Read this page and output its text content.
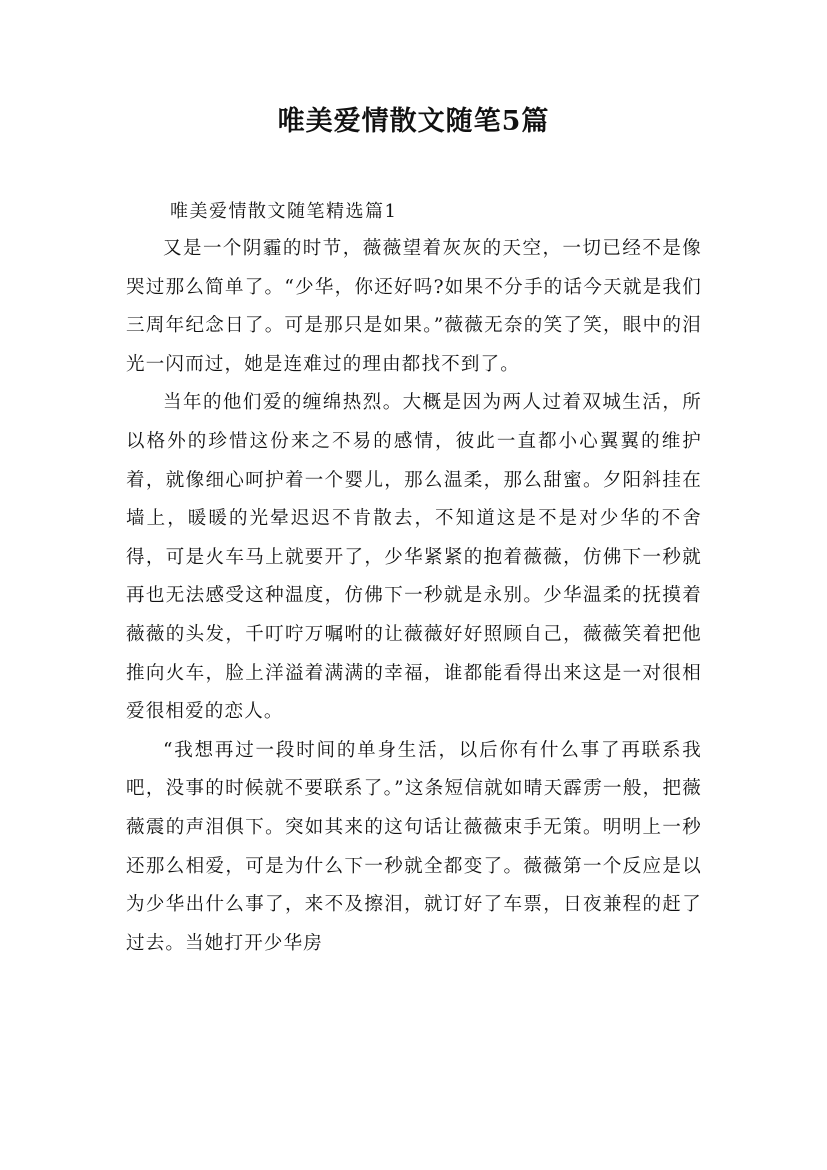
唯美爱情散文随笔5篇

唯美爱情散文随笔精选篇1

又是一个阴霾的时节，薇薇望着灰灰的天空，一切已经不是像哭过那么简单了。“少华，你还好吗?如果不分手的话今天就是我们三周年纪念日了。可是那只是如果。”薇薇无奈的笑了笑，眼中的泪光一闪而过，她是连难过的理由都找不到了。

当年的他们爱的缠绵热烈。大概是因为两人过着双城生活，所以格外的珍惜这份来之不易的感情，彼此一直都小心翼翼的维护着，就像细心呵护着一个婴儿，那么温柔，那么甜蜜。夕阳斜挂在墙上，暖暖的光晕迟迟不肯散去，不知道这是不是对少华的不舍得，可是火车马上就要开了，少华紧紧的抱着薇薇，仿佛下一秒就再也无法感受这种温度，仿佛下一秒就是永别。少华温柔的抚摸着薇薇的头发，千叮咛万嘱咐的让薇薇好好照顾自己，薇薇笑着把他推向火车，脸上洋溢着满满的幸福，谁都能看得出来这是一对很相爱很相爱的恋人。

“我想再过一段时间的单身生活，以后你有什么事了再联系我吧，没事的时候就不要联系了。”这条短信就如晴天霹雳一般，把薇薇震的声泪俱下。突如其来的这句话让薇薇束手无策。明明上一秒还那么相爱，可是为什么下一秒就全都变了。薇薇第一个反应是以为少华出什么事了，来不及擦泪，就订好了车票，日夜兼程的赶了过去。当她打开少华房
